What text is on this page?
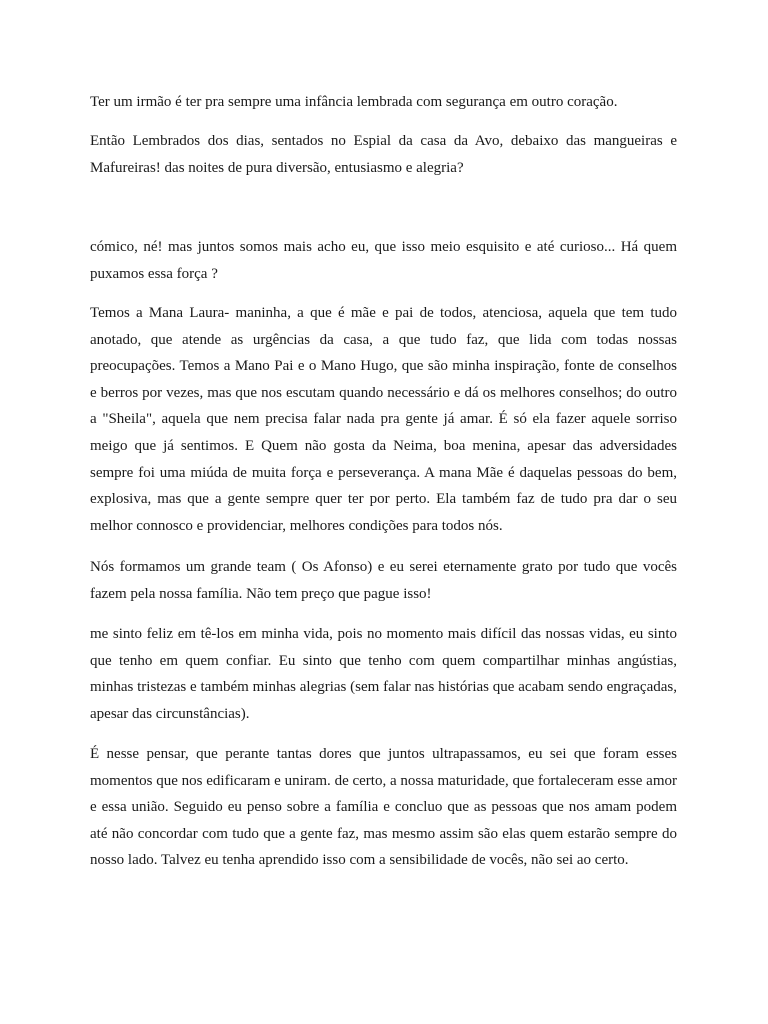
Ter um irmão é ter pra sempre uma infância lembrada com segurança em outro coração.

Então Lembrados dos dias, sentados no Espial da casa da Avo, debaixo das mangueiras e Mafureiras! das noites de pura diversão, entusiasmo e alegria?

cómico, né! mas juntos somos mais acho eu, que isso meio esquisito e até curioso... Há quem puxamos essa força ?

Temos a Mana Laura- maninha, a que é mãe e pai de todos, atenciosa, aquela que tem tudo anotado, que atende as urgências da casa, a que tudo faz, que lida com todas nossas preocupações. Temos a Mano Pai e o Mano Hugo, que são minha inspiração, fonte de conselhos e berros por vezes, mas que nos escutam quando necessário e dá os melhores conselhos; do outro a "Sheila", aquela que nem precisa falar nada pra gente já amar. É só ela fazer aquele sorriso meigo que já sentimos. E Quem não gosta da Neima, boa menina, apesar das adversidades sempre foi uma miúda de muita força e perseverança. A mana Mãe é daquelas pessoas do bem, explosiva, mas que a gente sempre quer ter por perto. Ela também faz de tudo pra dar o seu melhor connosco e providenciar, melhores condições para todos nós.

Nós formamos um grande team ( Os Afonso) e eu serei eternamente grato por tudo que vocês fazem pela nossa família. Não tem preço que pague isso!

me sinto feliz em tê-los em minha vida, pois no momento mais difícil das nossas vidas, eu sinto que tenho em quem confiar. Eu sinto que tenho com quem compartilhar minhas angústias, minhas tristezas e também minhas alegrias (sem falar nas histórias que acabam sendo engraçadas, apesar das circunstâncias).

É nesse pensar, que perante tantas dores que juntos ultrapassamos, eu sei que foram esses momentos que nos edificaram e uniram. de certo, a nossa maturidade, que fortaleceram esse amor e essa união. Seguido eu penso sobre a família e concluo que as pessoas que nos amam podem até não concordar com tudo que a gente faz, mas mesmo assim são elas quem estarão sempre do nosso lado. Talvez eu tenha aprendido isso com a sensibilidade de vocês, não sei ao certo.
